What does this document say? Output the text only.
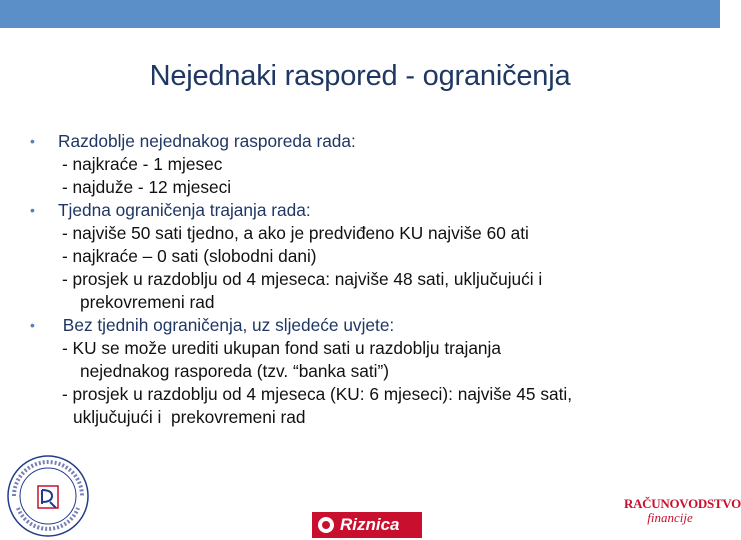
Nejednaki raspored - ograničenja
• Razdoblje nejednakog rasporeda rada:
- najkraće - 1 mjesec
- najduže - 12 mjeseci
• Tjedna ograničenja trajanja rada:
- najviše 50 sati tjedno, a ako je predviđeno KU najviše 60 ati
- najkraće – 0 sati (slobodni dani)
- prosjek u razdoblju od 4 mjeseca: najviše 48 sati, uključujući i
prekovremeni rad
• Bez tjednih ograničenja, uz sljedeće uvjete:
- KU se može urediti ukupan fond sati u razdoblju trajanja
nejednakog rasporeda (tzv. “banka sati”)
- prosjek u razdoblju od 4 mjeseca (KU: 6 mjeseci): najviše 45 sati,
uključujući i  prekovremeni rad
Riznica
RAČUNOVODSTVO
financije
